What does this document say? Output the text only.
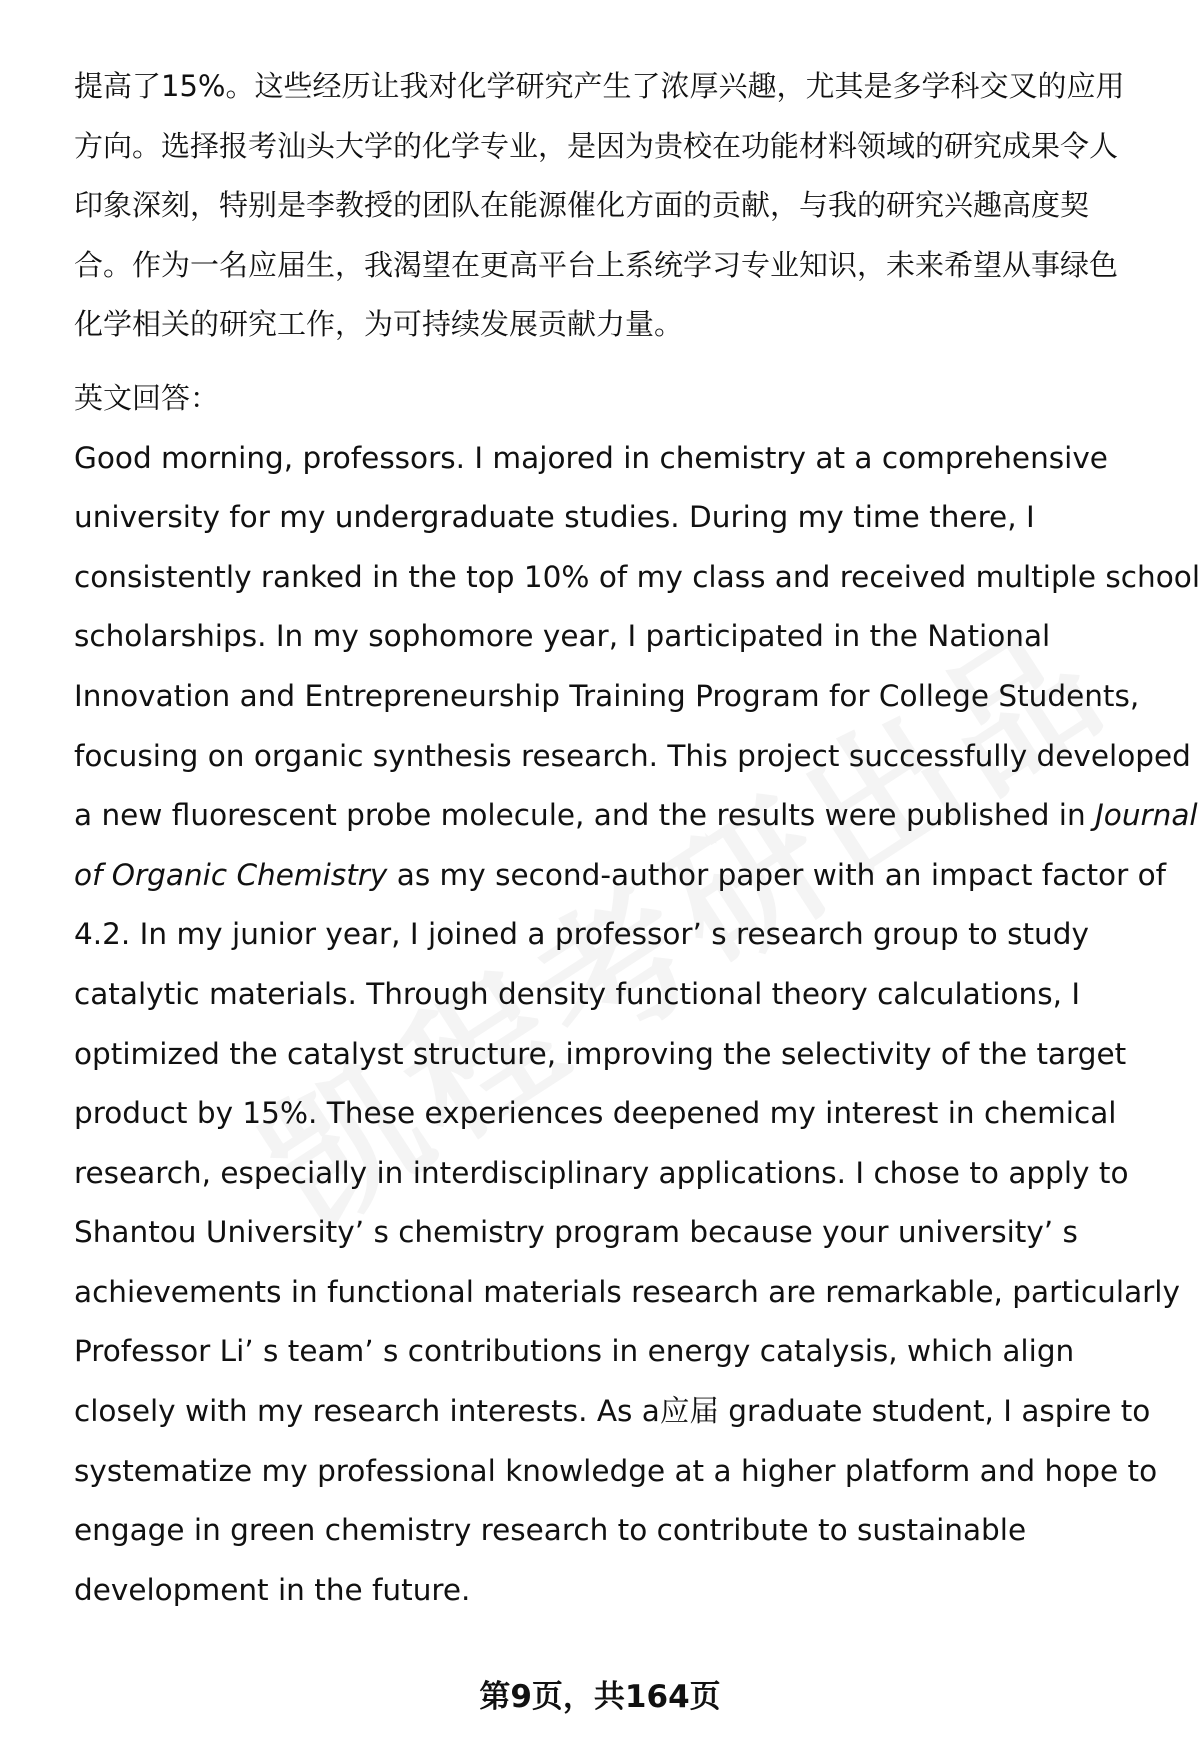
提高了15%。这些经历让我对化学研究产生了浓厚兴趣，尤其是多学科交叉的应用
方向。选择报考汕头大学的化学专业，是因为贵校在功能材料领域的研究成果令人
印象深刻，特别是李教授的团队在能源催化方面的贡献，与我的研究兴趣高度契
合。作为一名应届生，我渴望在更高平台上系统学习专业知识，未来希望从事绿色
化学相关的研究工作，为可持续发展贡献力量。
英文回答：
Good morning, professors. I majored in chemistry at a comprehensive
university for my undergraduate studies. During my time there, I
consistently ranked in the top 10% of my class and received multiple school
scholarships. In my sophomore year, I participated in the National
Innovation and Entrepreneurship Training Program for College Students,
focusing on organic synthesis research. This project successfully developed
a new fluorescent probe molecule, and the results were published in Journal
of Organic Chemistry as my second-author paper with an impact factor of
4.2. In my junior year, I joined a professor’ s research group to study
catalytic materials. Through density functional theory calculations, I
optimized the catalyst structure, improving the selectivity of the target
product by 15%. These experiences deepened my interest in chemical
research, especially in interdisciplinary applications. I chose to apply to
Shantou University’ s chemistry program because your university’ s
achievements in functional materials research are remarkable, particularly
Professor Li’ s team’ s contributions in energy catalysis, which align
closely with my research interests. As a应届 graduate student, I aspire to
systematize my professional knowledge at a higher platform and hope to
engage in green chemistry research to contribute to sustainable
development in the future.
第9页，共164页
